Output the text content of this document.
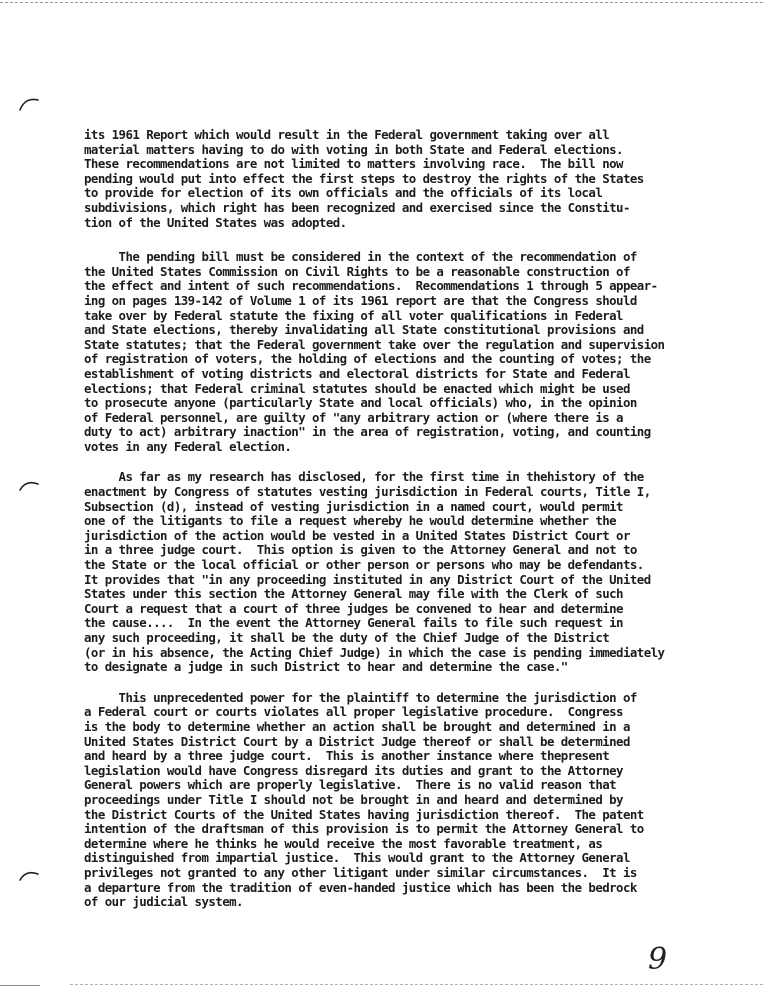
its 1961 Report which would result in the Federal government taking over all
material matters having to do with voting in both State and Federal elections.
These recommendations are not limited to matters involving race.  The bill now
pending would put into effect the first steps to destroy the rights of the States
to provide for election of its own officials and the officials of its local
subdivisions, which right has been recognized and exercised since the Constitu-
tion of the United States was adopted.

The pending bill must be considered in the context of the recommendation of
the United States Commission on Civil Rights to be a reasonable construction of
the effect and intent of such recommendations.  Recommendations 1 through 5 appear-
ing on pages 139-142 of Volume 1 of its 1961 report are that the Congress should
take over by Federal statute the fixing of all voter qualifications in Federal
and State elections, thereby invalidating all State constitutional provisions and
State statutes; that the Federal government take over the regulation and supervision
of registration of voters, the holding of elections and the counting of votes; the
establishment of voting districts and electoral districts for State and Federal
elections; that Federal criminal statutes should be enacted which might be used
to prosecute anyone (particularly State and local officials) who, in the opinion
of Federal personnel, are guilty of "any arbitrary action or (where there is a
duty to act) arbitrary inaction" in the area of registration, voting, and counting
votes in any Federal election.

As far as my research has disclosed, for the first time in thehistory of the
enactment by Congress of statutes vesting jurisdiction in Federal courts, Title I,
Subsection (d), instead of vesting jurisdiction in a named court, would permit
one of the litigants to file a request whereby he would determine whether the
jurisdiction of the action would be vested in a United States District Court or
in a three judge court.  This option is given to the Attorney General and not to
the State or the local official or other person or persons who may be defendants.
It provides that "in any proceeding instituted in any District Court of the United
States under this section the Attorney General may file with the Clerk of such
Court a request that a court of three judges be convened to hear and determine
the cause....  In the event the Attorney General fails to file such request in
any such proceeding, it shall be the duty of the Chief Judge of the District
(or in his absence, the Acting Chief Judge) in which the case is pending immediately
to designate a judge in such District to hear and determine the case."

This unprecedented power for the plaintiff to determine the jurisdiction of
a Federal court or courts violates all proper legislative procedure.  Congress
is the body to determine whether an action shall be brought and determined in a
United States District Court by a District Judge thereof or shall be determined
and heard by a three judge court.  This is another instance where thepresent
legislation would have Congress disregard its duties and grant to the Attorney
General powers which are properly legislative.  There is no valid reason that
proceedings under Title I should not be brought in and heard and determined by
the District Courts of the United States having jurisdiction thereof.  The patent
intention of the draftsman of this provision is to permit the Attorney General to
determine where he thinks he would receive the most favorable treatment, as
distinguished from impartial justice.  This would grant to the Attorney General
privileges not granted to any other litigant under similar circumstances.  It is
a departure from the tradition of even-handed justice which has been the bedrock
of our judicial system.

9
